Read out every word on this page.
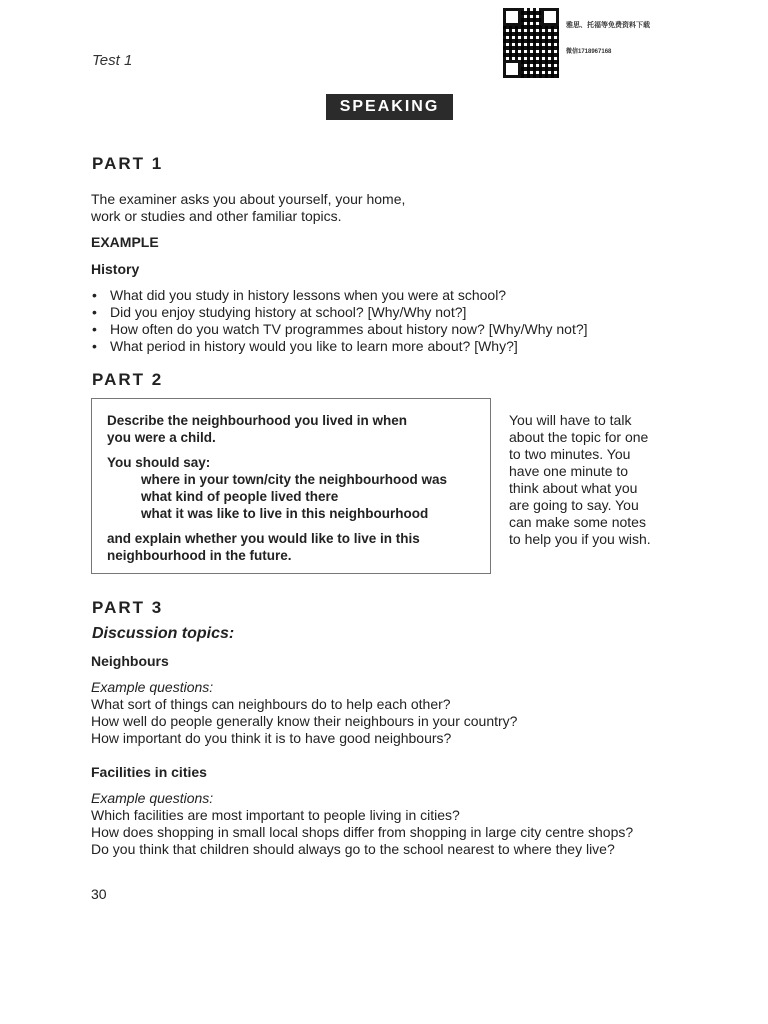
Test 1
雅思、托福等免费资料下载
微信1718967168
SPEAKING
PART 1
The examiner asks you about yourself, your home,
work or studies and other familiar topics.
EXAMPLE
History
• What did you study in history lessons when you were at school?
• Did you enjoy studying history at school? [Why/Why not?]
• How often do you watch TV programmes about history now? [Why/Why not?]
• What period in history would you like to learn more about? [Why?]
PART 2
Describe the neighbourhood you lived in when
you were a child.
You should say:
where in your town/city the neighbourhood was
what kind of people lived there
what it was like to live in this neighbourhood
and explain whether you would like to live in this
neighbourhood in the future.
You will have to talk
about the topic for one
to two minutes. You
have one minute to
think about what you
are going to say. You
can make some notes
to help you if you wish.
PART 3
Discussion topics:
Neighbours
Example questions:
What sort of things can neighbours do to help each other?
How well do people generally know their neighbours in your country?
How important do you think it is to have good neighbours?
Facilities in cities
Example questions:
Which facilities are most important to people living in cities?
How does shopping in small local shops differ from shopping in large city centre shops?
Do you think that children should always go to the school nearest to where they live?
30
